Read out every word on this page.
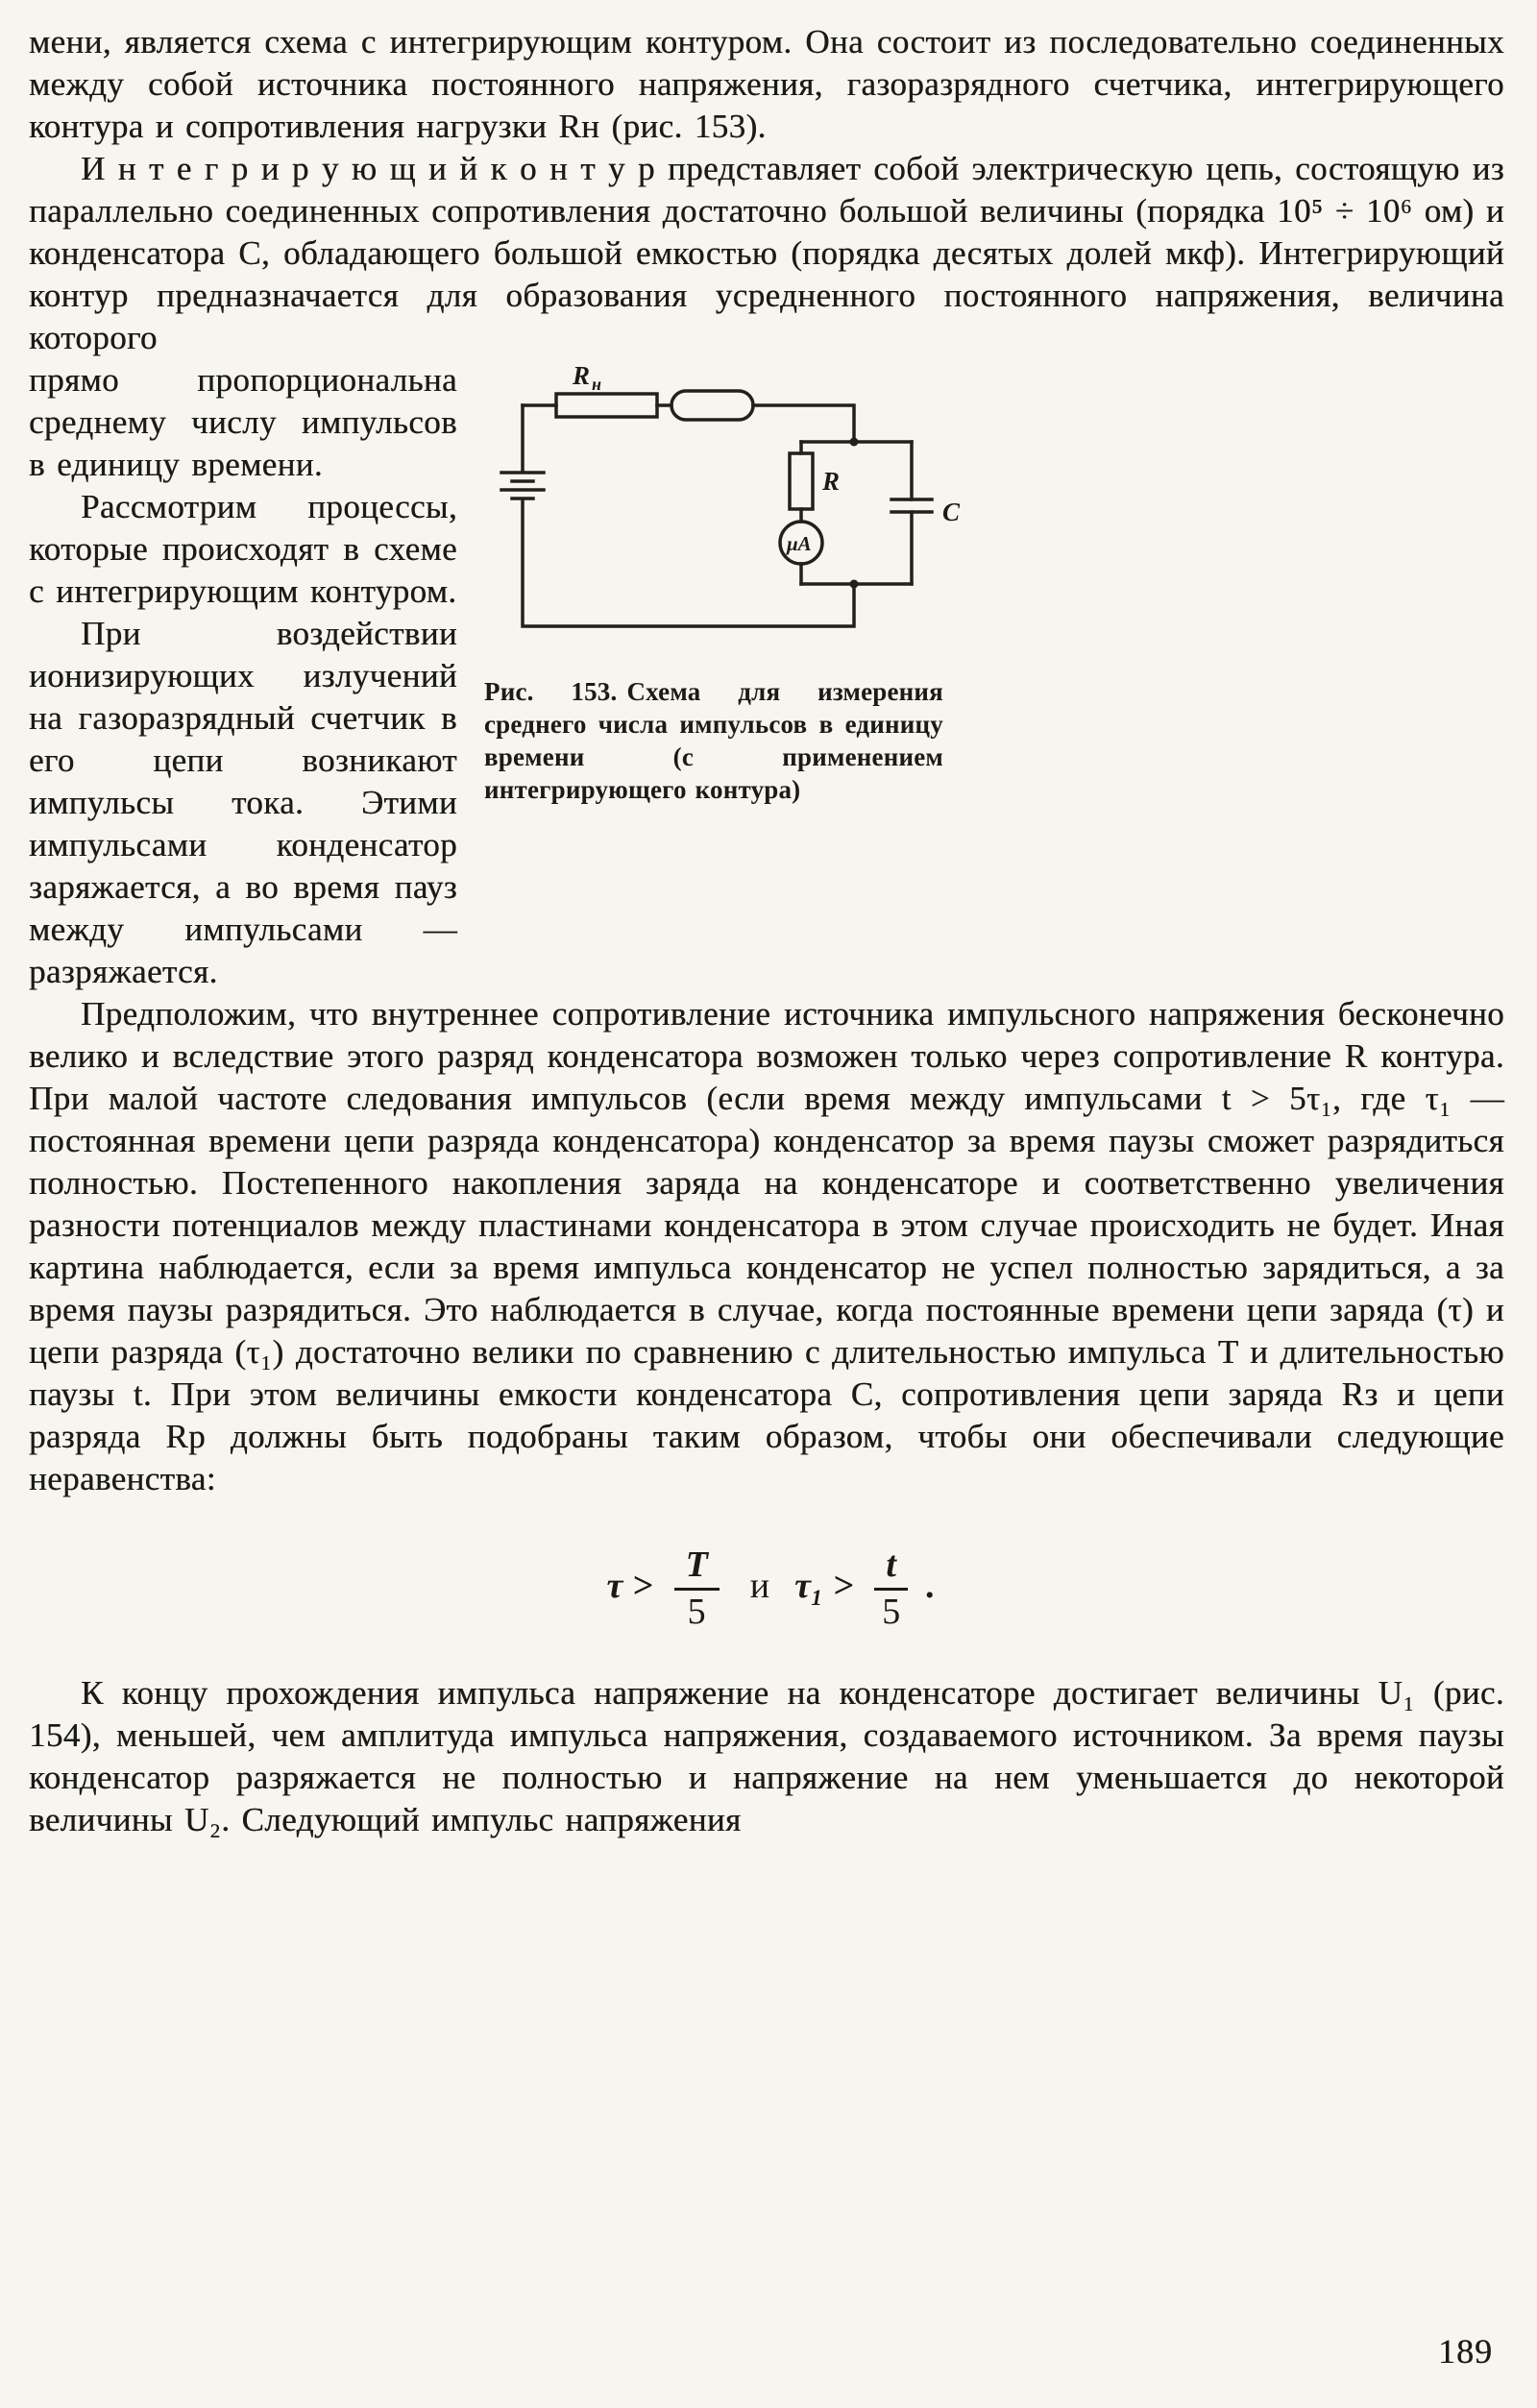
мени, является схема с интегрирующим контуром. Она состоит из последовательно соединенных между собой источника постоянного напряжения, газоразрядного счетчика, интегрирующего контура и сопротивления нагрузки Rн (рис. 153).

И н т е г р и р у ю щ и й к о н т у р представляет собой электрическую цепь, состоящую из параллельно соединенных сопротивления достаточно большой величины (порядка 10⁵ ÷ 10⁶ ом) и конденсатора C, обладающего большой емкостью (порядка десятых долей мкф). Интегрирующий контур предназначается для образования усредненного постоянного напряжения, величина которого

R н
R
μA
C
Рис. 153. Схема для измерения среднего числа импульсов в единицу времени (с применением интегрирующего контура)

прямо пропорциональна среднему числу импульсов в единицу времени.

Рассмотрим процессы, которые происходят в схеме с интегрирующим контуром.

При воздействии ионизирующих излучений на газоразрядный счетчик в его цепи возникают импульсы тока. Этими импульсами конденсатор заряжается, а во время пауз между импульсами — разряжается.

Предположим, что внутреннее сопротивление источника импульсного напряжения бесконечно велико и вследствие этого разряд конденсатора возможен только через сопротивление R контура. При малой частоте следования импульсов (если время между импульсами t > 5τ₁, где τ₁ — постоянная времени цепи разряда конденсатора) конденсатор за время паузы сможет разрядиться полностью. Постепенного накопления заряда на конденсаторе и соответственно увеличения разности потенциалов между пластинами конденсатора в этом случае происходить не будет. Иная картина наблюдается, если за время импульса конденсатор не успел полностью зарядиться, а за время паузы разрядиться. Это наблюдается в случае, когда постоянные времени цепи заряда (τ) и цепи разряда (τ₁) достаточно велики по сравнению с длительностью импульса T и длительностью паузы t. При этом величины емкости конденсатора C, сопротивления цепи заряда Rз и цепи разряда Rр должны быть подобраны таким образом, чтобы они обеспечивали следующие неравенства:

$\tau > \frac{T}{5}$ и $\tau_1 > \frac{t}{5}$ .

К концу прохождения импульса напряжение на конденсаторе достигает величины U₁ (рис. 154), меньшей, чем амплитуда импульса напряжения, создаваемого источником. За время паузы конденсатор разряжается не полностью и напряжение на нем уменьшается до некоторой величины U₂. Следующий импульс напряжения

189
